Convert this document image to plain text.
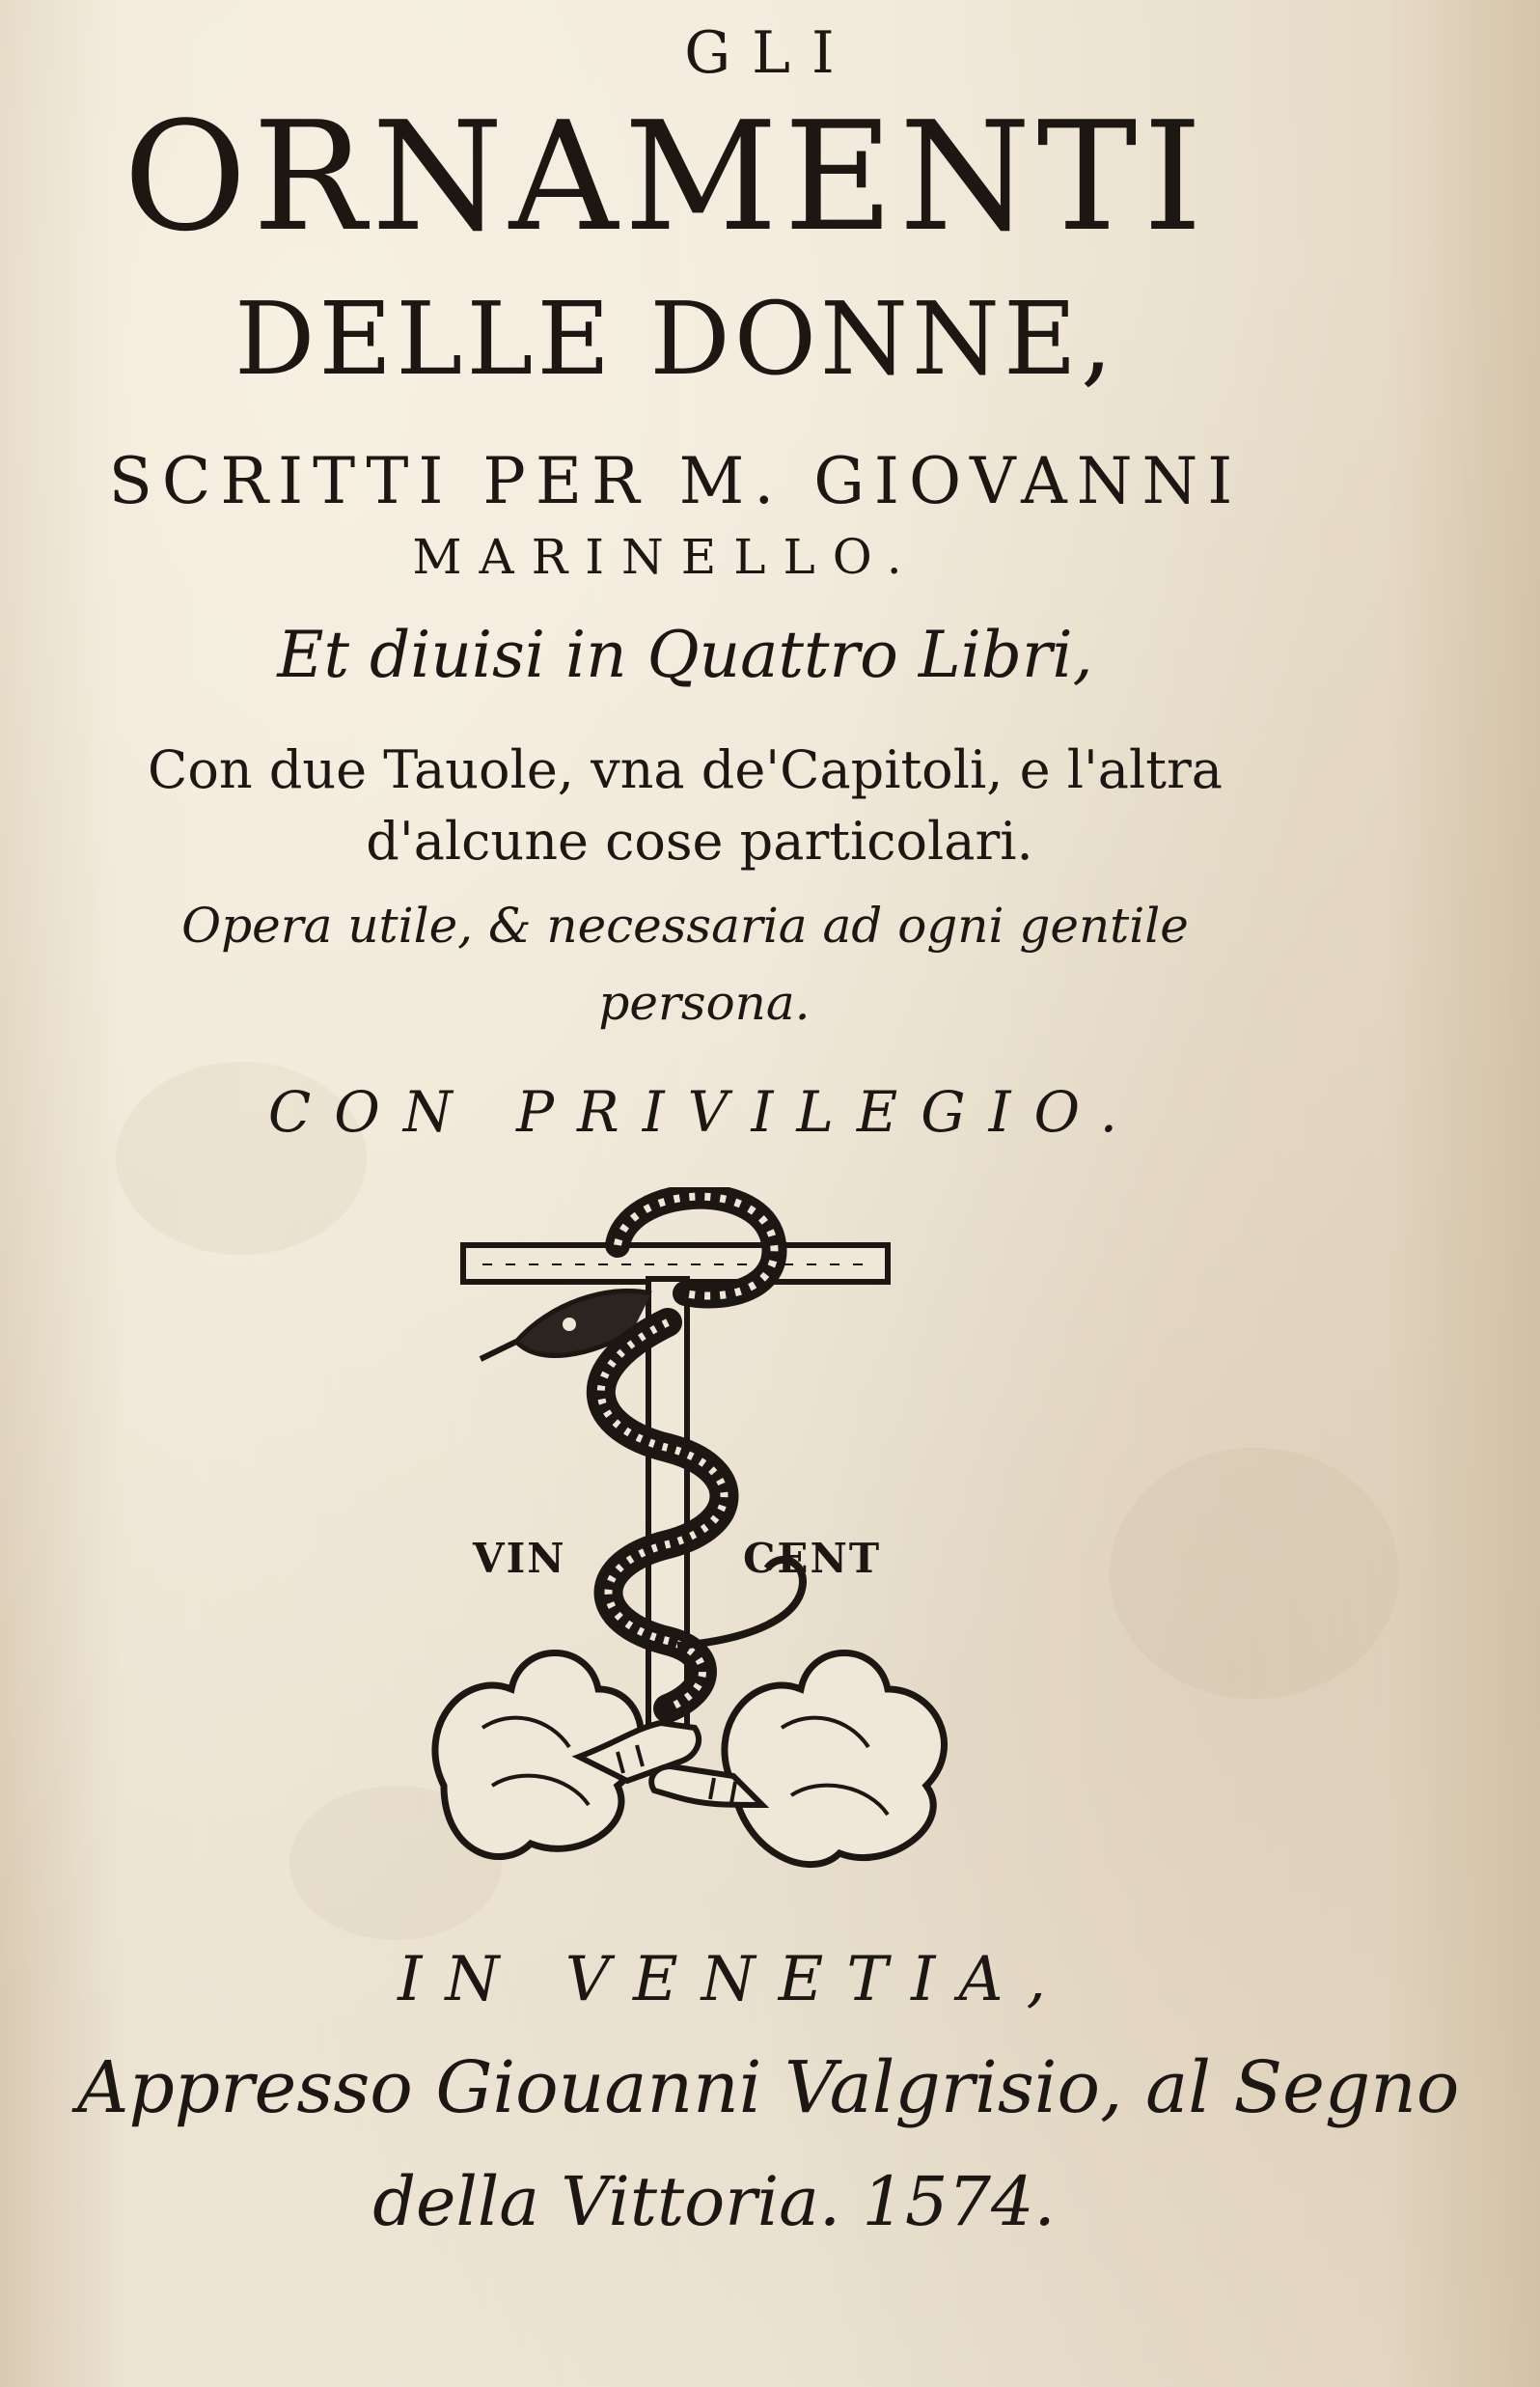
GLI
ORNAMENTI
DELLE DONNE,
SCRITTI PER M. GIOVANNI
MARINELLO.
Et diuisi in Quattro Libri,
Con due Tauole, vna de'Capitoli, e l'altra
d'alcune cose particolari.
Opera utile, & necessaria ad ogni gentile
persona.
CON PRIVILEGIO.
VIN	CENT
IN VENETIA,
Appresso Giouanni Valgrisio, al Segno
della Vittoria. 1574.
